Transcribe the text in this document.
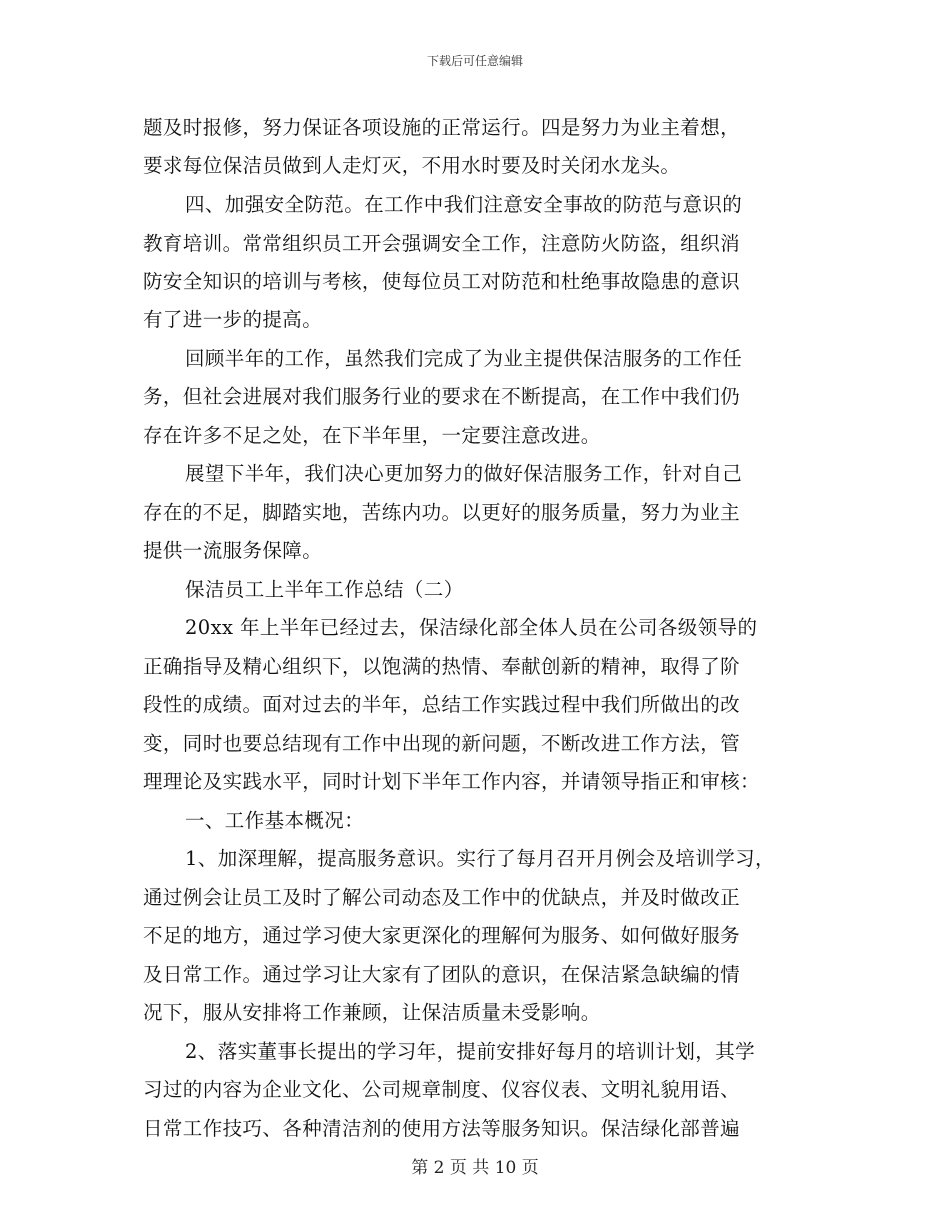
下载后可任意编辑
题及时报修，努力保证各项设施的正常运行。四是努力为业主着想，
要求每位保洁员做到人走灯灭，不用水时要及时关闭水龙头。
四、加强安全防范。在工作中我们注意安全事故的防范与意识的
教育培训。常常组织员工开会强调安全工作，注意防火防盗，组织消
防安全知识的培训与考核，使每位员工对防范和杜绝事故隐患的意识
有了进一步的提高。
回顾半年的工作，虽然我们完成了为业主提供保洁服务的工作任
务，但社会进展对我们服务行业的要求在不断提高，在工作中我们仍
存在许多不足之处，在下半年里，一定要注意改进。
展望下半年，我们决心更加努力的做好保洁服务工作，针对自己
存在的不足，脚踏实地，苦练内功。以更好的服务质量，努力为业主
提供一流服务保障。
保洁员工上半年工作总结（二）
20xx 年上半年已经过去，保洁绿化部全体人员在公司各级领导的
正确指导及精心组织下，以饱满的热情、奉献创新的精神，取得了阶
段性的成绩。面对过去的半年，总结工作实践过程中我们所做出的改
变，同时也要总结现有工作中出现的新问题，不断改进工作方法，管
理理论及实践水平，同时计划下半年工作内容，并请领导指正和审核：
一、工作基本概况：
1、加深理解，提高服务意识。实行了每月召开月例会及培训学习，
通过例会让员工及时了解公司动态及工作中的优缺点，并及时做改正
不足的地方，通过学习使大家更深化的理解何为服务、如何做好服务
及日常工作。通过学习让大家有了团队的意识，在保洁紧急缺编的情
况下，服从安排将工作兼顾，让保洁质量未受影响。
2、落实董事长提出的学习年，提前安排好每月的培训计划，其学
习过的内容为企业文化、公司规章制度、仪容仪表、文明礼貌用语、
日常工作技巧、各种清洁剂的使用方法等服务知识。保洁绿化部普遍
第 2 页 共 10 页
